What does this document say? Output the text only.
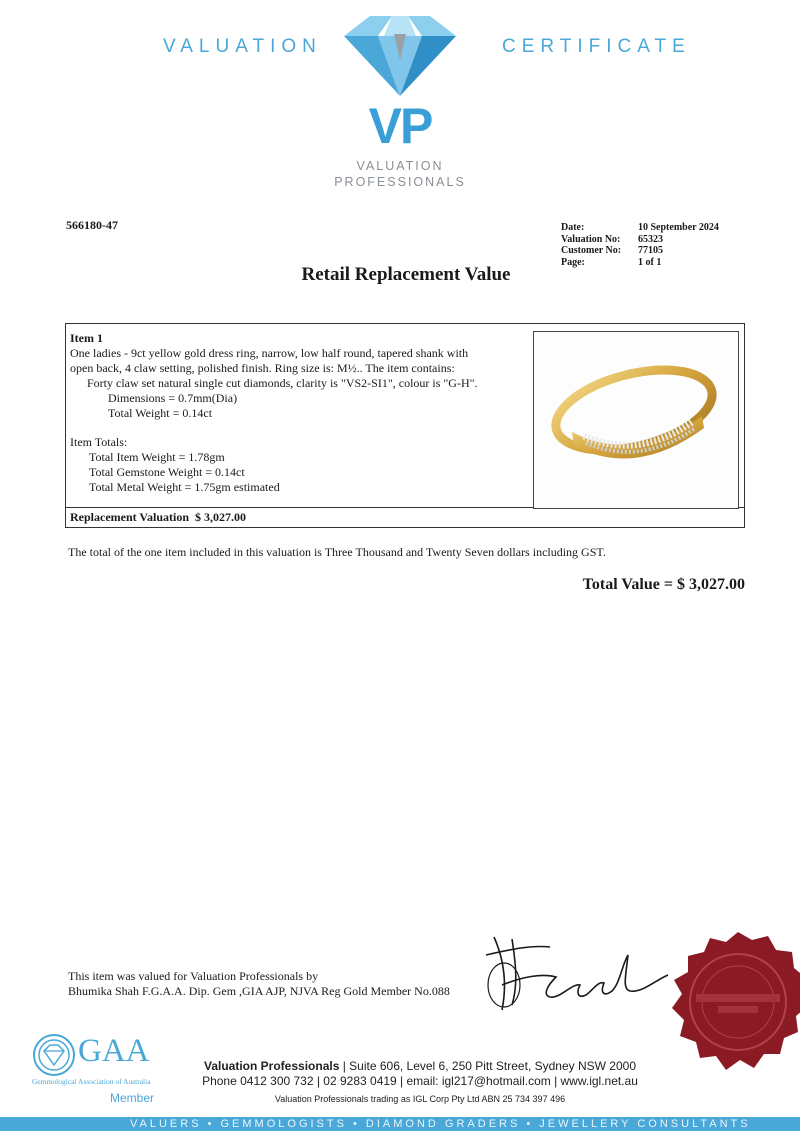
VALUATION	CERTIFICATE
VP
VALUATION
PROFESSIONALS
566180-47	Date:	10 September 2024
Valuation No:	65323
Customer No:	77105
Page:	1 of 1
Retail Replacement Value
Item 1
One ladies - 9ct yellow gold dress ring, narrow, low half round, tapered shank with
open back, 4 claw setting, polished finish. Ring size is: M½.. The item contains:
Forty claw set natural single cut diamonds, clarity is "VS2-SI1", colour is "G-H".
Dimensions = 0.7mm(Dia)
Total Weight = 0.14ct
Item Totals:
Total Item Weight = 1.78gm
Total Gemstone Weight = 0.14ct
Total Metal Weight = 1.75gm estimated
Replacement Valuation $ 3,027.00
The total of the one item included in this valuation is Three Thousand and Twenty Seven dollars including GST.
Total Value = $ 3,027.00
This item was valued for Valuation Professionals by
Bhumika Shah F.G.A.A. Dip. Gem ,GIA AJP, NJVA Reg Gold Member No.088
GAA
Gemmological Association of Australia
Member
Valuation Professionals | Suite 606, Level 6, 250 Pitt Street, Sydney NSW 2000
Phone 0412 300 732 | 02 9283 0419 | email: igl217@hotmail.com | www.igl.net.au
Valuation Professionals trading as IGL Corp Pty Ltd ABN 25 734 397 496
VALUERS • GEMMOLOGISTS • DIAMOND GRADERS • JEWELLERY CONSULTANTS
